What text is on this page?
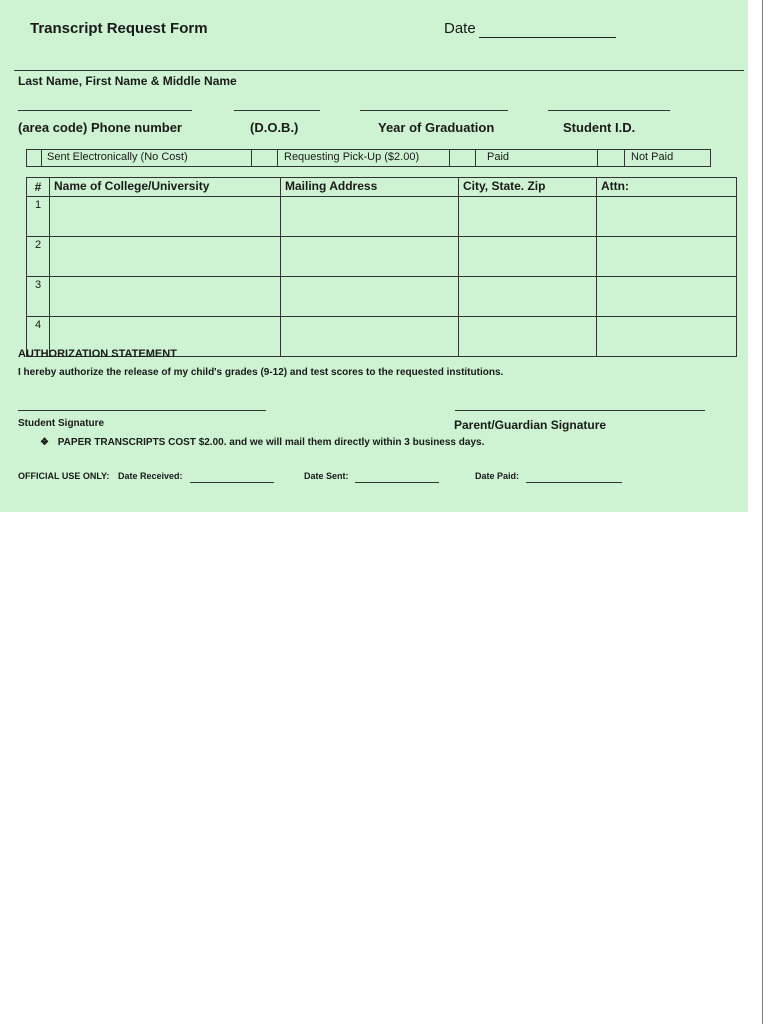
Transcript Request Form	Date
Last Name, First Name & Middle Name
(area code) Phone number	(D.O.B.)	Year of Graduation	Student I.D.
Sent Electronically (No Cost)	Requesting Pick-Up ($2.00)	Paid	Not Paid
#	Name of College/University	Mailing Address	City, State. Zip	Attn:
1				
2				
3				
4				
AUTHORIZATION STATEMENT
I hereby authorize the release of my child's grades (9-12) and test scores to the requested institutions.
Student Signature	Parent/Guardian Signature
❖ PAPER TRANSCRIPTS COST $2.00. and we will mail them directly within 3 business days.
OFFICIAL USE ONLY: Date Received:	Date Sent:	Date Paid:
